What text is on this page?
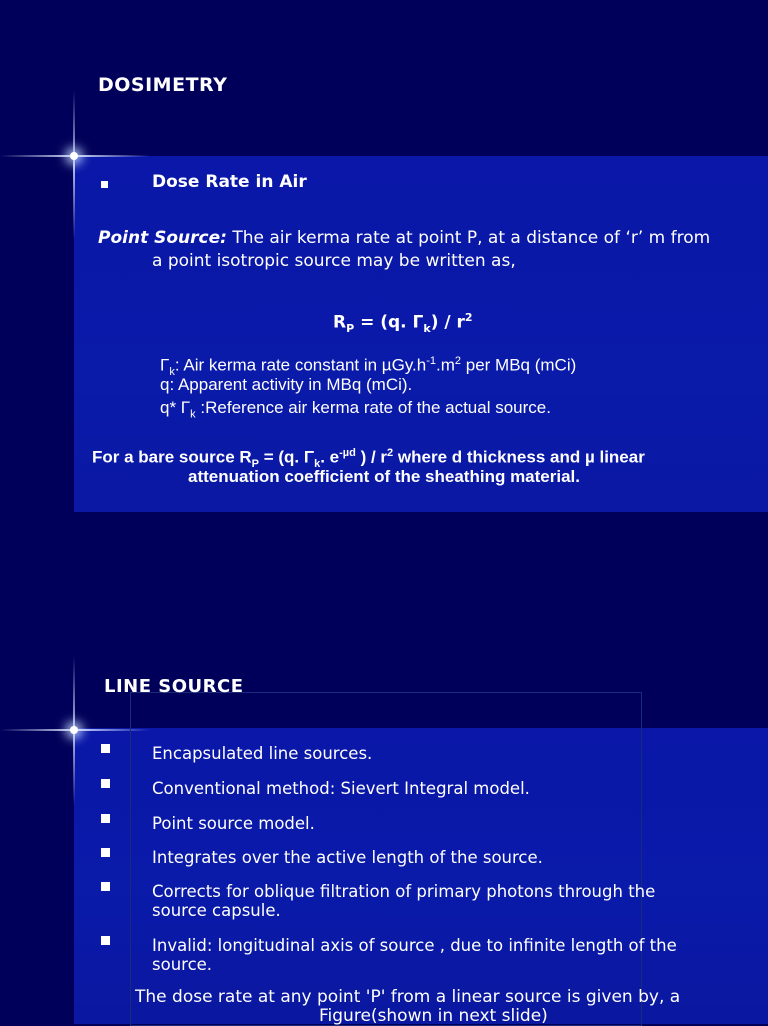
DOSIMETRY
Dose Rate in Air
Point Source: The air kerma rate at point P, at a distance of ‘r’ m from
a point isotropic source may be written as,
$R_P = (q$. $\Gamma_k) / r^2$
$\Gamma_k$: Air kerma rate constant in $\mu Gy.h^{-1}.m^2$ per MBq (mCi)
q: Apparent activity in MBq (mCi).
q* $\Gamma_k$ :Reference air kerma rate of the actual source.
For a bare source $R_P = (q$. $\Gamma_k$. $e^{-\mu d}$ ) / $r^2$ where d thickness and µ linear
attenuation coefficient of the sheathing material.
LINE SOURCE
Encapsulated line sources.
Conventional method: Sievert Integral model.
Point source model.
Integrates over the active length of the source.
Corrects for oblique filtration of primary photons through the
source capsule.
Invalid: longitudinal axis of source , due to infinite length of the
source.
The dose rate at any point 'P' from a linear source is given by, a
Figure(shown in next slide)
